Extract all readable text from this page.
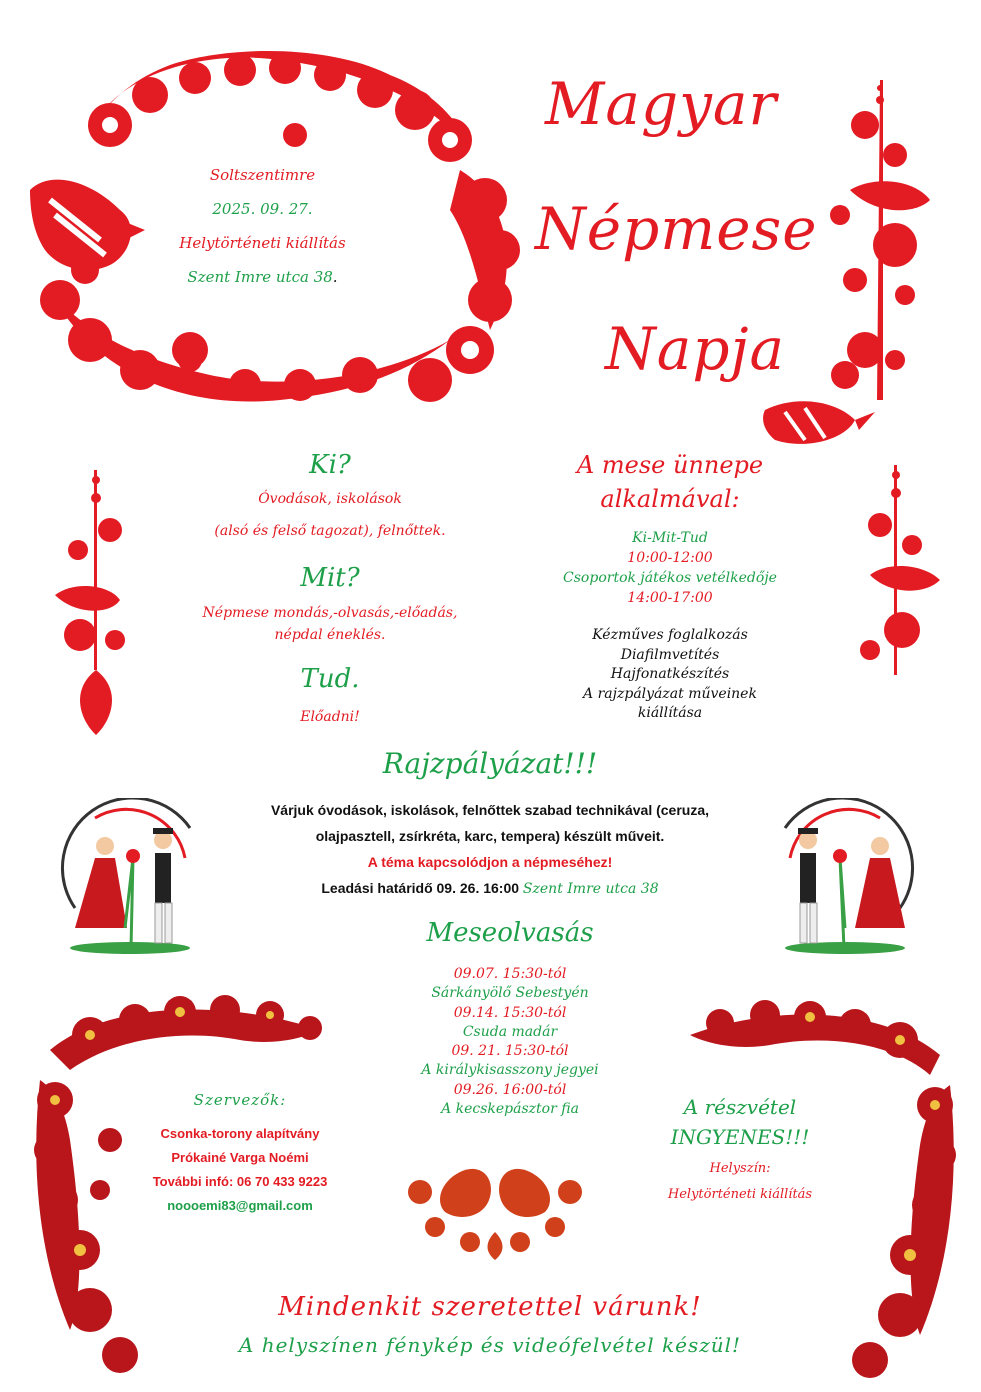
Magyar
Népmese
Napja
Soltszentimre
2025. 09. 27.
Helytörténeti kiállítás
Szent Imre utca 38.
Ki?
Óvodások, iskolások
(alsó és felső tagozat), felnőttek.
Mit?
Népmese mondás,-olvasás,-előadás,
népdal éneklés.
Tud.
Előadni!
A mese ünnepe
alkalmával:
Ki-Mit-Tud
10:00-12:00
Csoportok játékos vetélkedője
14:00-17:00
Kézműves foglalkozás
Diafilmvetítés
Hajfonatkészítés
A rajzpályázat műveinek
kiállítása
Rajzpályázat!!!
Várjuk óvodások, iskolások, felnőttek szabad technikával (ceruza,
olajpasztell, zsírkréta, karc, tempera) készült műveit.
A téma kapcsolódjon a népmeséhez!
Leadási határidő 09. 26. 16:00 Szent Imre utca 38
Meseolvasás
09.07. 15:30-tól
Sárkányölő Sebestyén
09.14. 15:30-tól
Csuda madár
09. 21. 15:30-tól
A királykisasszony jegyei
09.26. 16:00-tól
A kecskepásztor fia
Szervezők:
Csonka-torony alapítvány
Prókainé Varga Noémi
További infó: 06 70 433 9223
noooemi83@gmail.com
A részvétel
INGYENES!!!
Helyszín:
Helytörténeti kiállítás
Mindenkit szeretettel várunk!
A helyszínen fénykép és videófelvétel készül!
